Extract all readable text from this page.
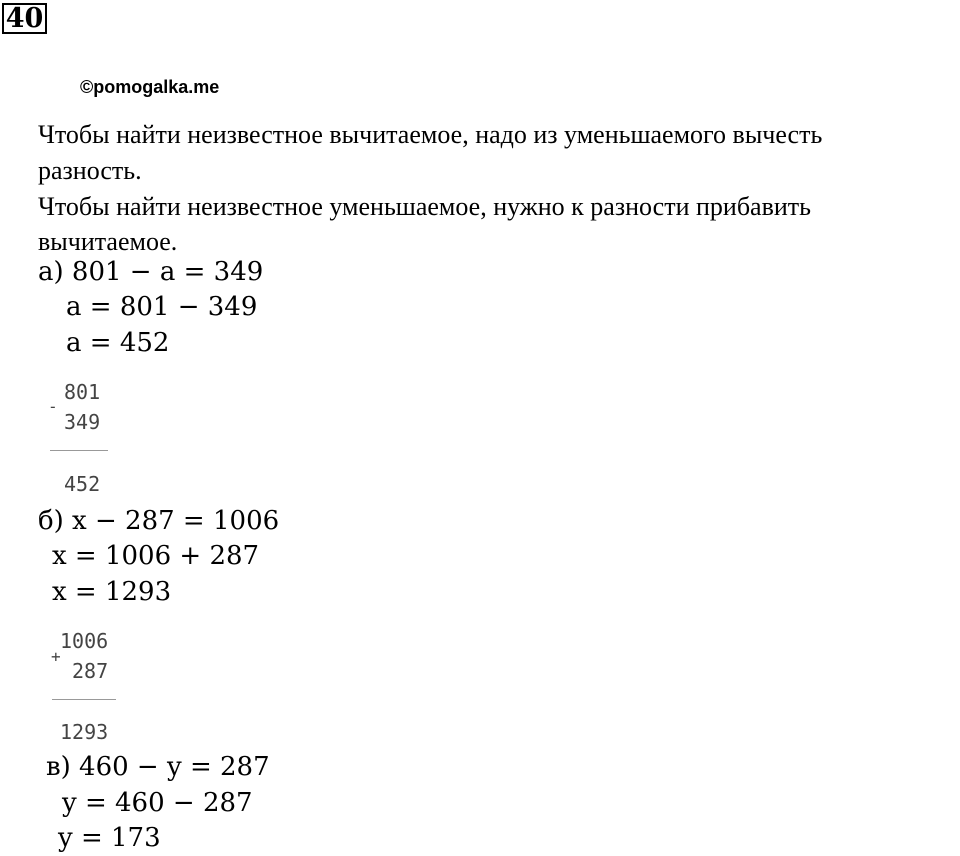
40
©pomogalka.me
Чтобы найти неизвестное вычитаемое, надо из уменьшаемого вычесть
разность.
Чтобы найти неизвестное уменьшаемое, нужно к разности прибавить
вычитаемое.
а) 801 − a = 349
a = 801 − 349
a = 452
-
801
349
452
б) x − 287 = 1006
x = 1006 + 287
x = 1293
+
1006
287
1293
в) 460 − y = 287
y = 460 − 287
y = 173
